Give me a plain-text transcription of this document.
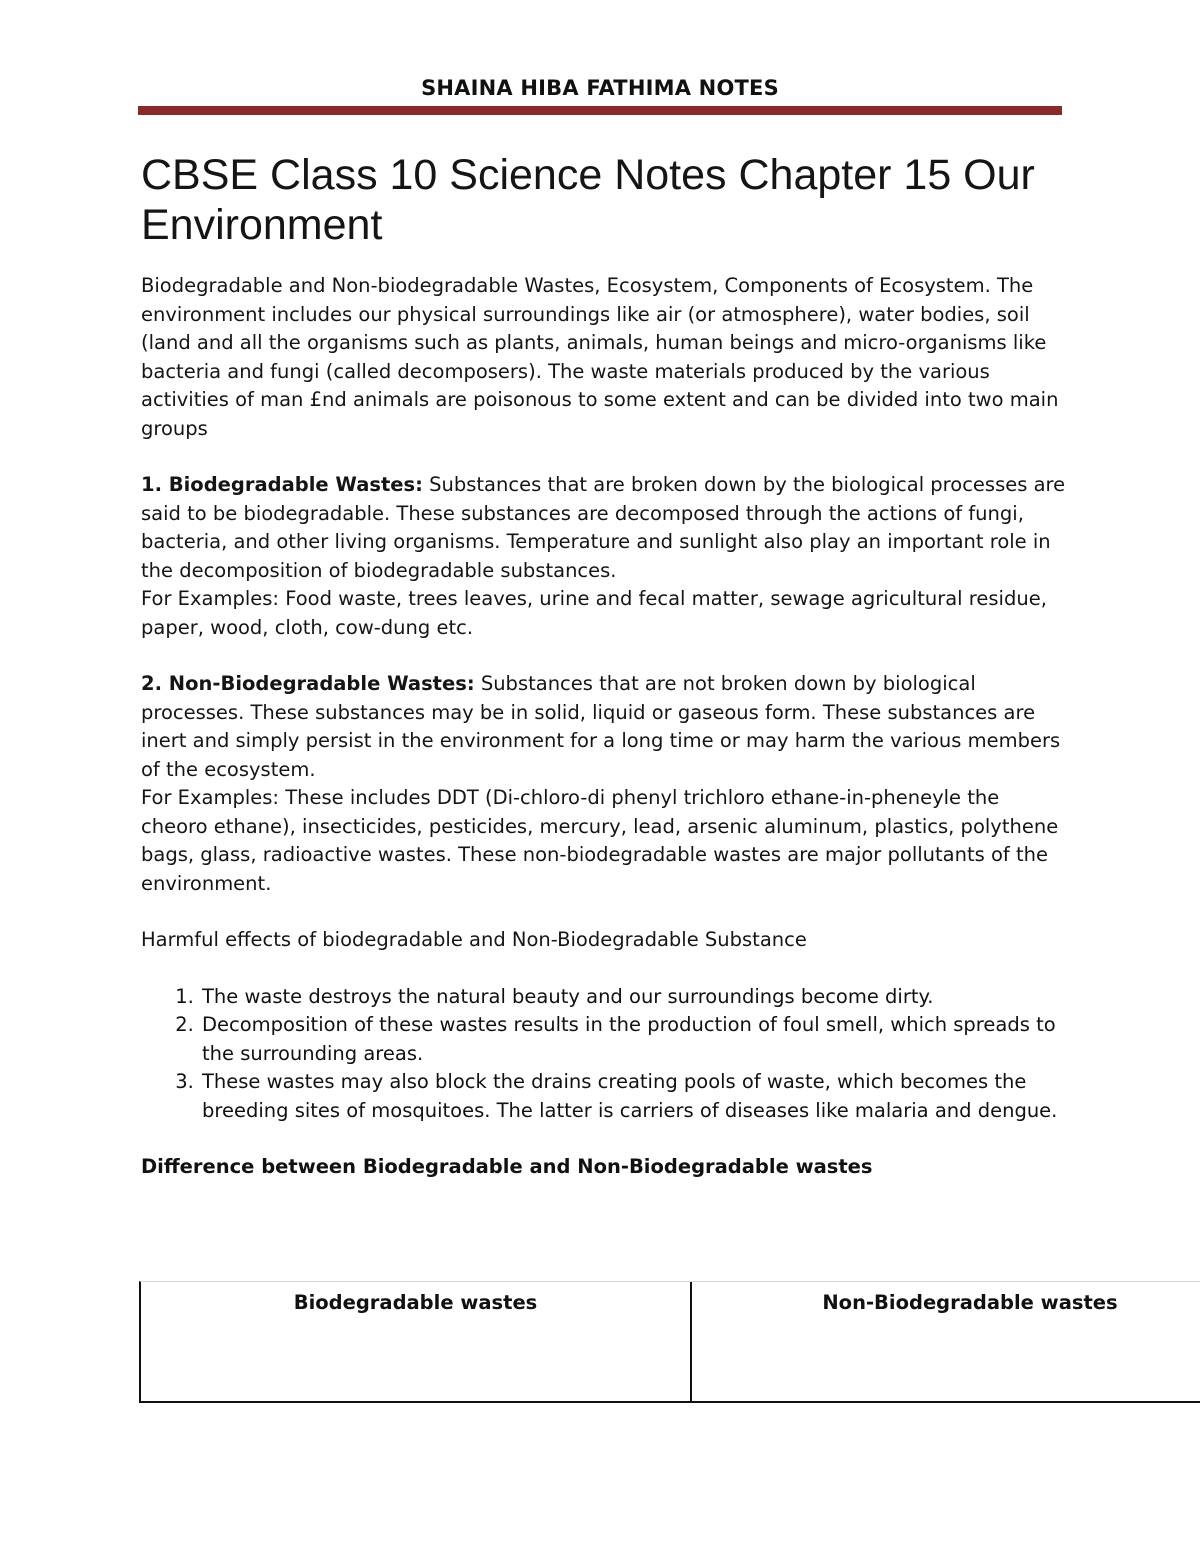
SHAINA HIBA FATHIMA NOTES
CBSE Class 10 Science Notes Chapter 15 Our Environment

Biodegradable and Non-biodegradable Wastes, Ecosystem, Components of Ecosystem. The environment includes our physical surroundings like air (or atmosphere), water bodies, soil (land and all the organisms such as plants, animals, human beings and micro-organisms like bacteria and fungi (called decomposers). The waste materials produced by the various activities of man £nd animals are poisonous to some extent and can be divided into two main groups

1. Biodegradable Wastes: Substances that are broken down by the biological processes are said to be biodegradable. These substances are decomposed through the actions of fungi, bacteria, and other living organisms. Temperature and sunlight also play an important role in the decomposition of biodegradable substances.
For Examples: Food waste, trees leaves, urine and fecal matter, sewage agricultural residue, paper, wood, cloth, cow-dung etc.

2. Non-Biodegradable Wastes: Substances that are not broken down by biological processes. These substances may be in solid, liquid or gaseous form. These substances are inert and simply persist in the environment for a long time or may harm the various members of the ecosystem.
For Examples: These includes DDT (Di-chloro-di phenyl trichloro ethane-in-pheneyle the cheoro ethane), insecticides, pesticides, mercury, lead, arsenic aluminum, plastics, polythene bags, glass, radioactive wastes. These non-biodegradable wastes are major pollutants of the environment.

Harmful effects of biodegradable and Non-Biodegradable Substance

1. The waste destroys the natural beauty and our surroundings become dirty.
2. Decomposition of these wastes results in the production of foul smell, which spreads to the surrounding areas.
3. These wastes may also block the drains creating pools of waste, which becomes the breeding sites of mosquitoes. The latter is carriers of diseases like malaria and dengue.

Difference between Biodegradable and Non-Biodegradable wastes

Biodegradable wastes	Non-Biodegradable wastes
